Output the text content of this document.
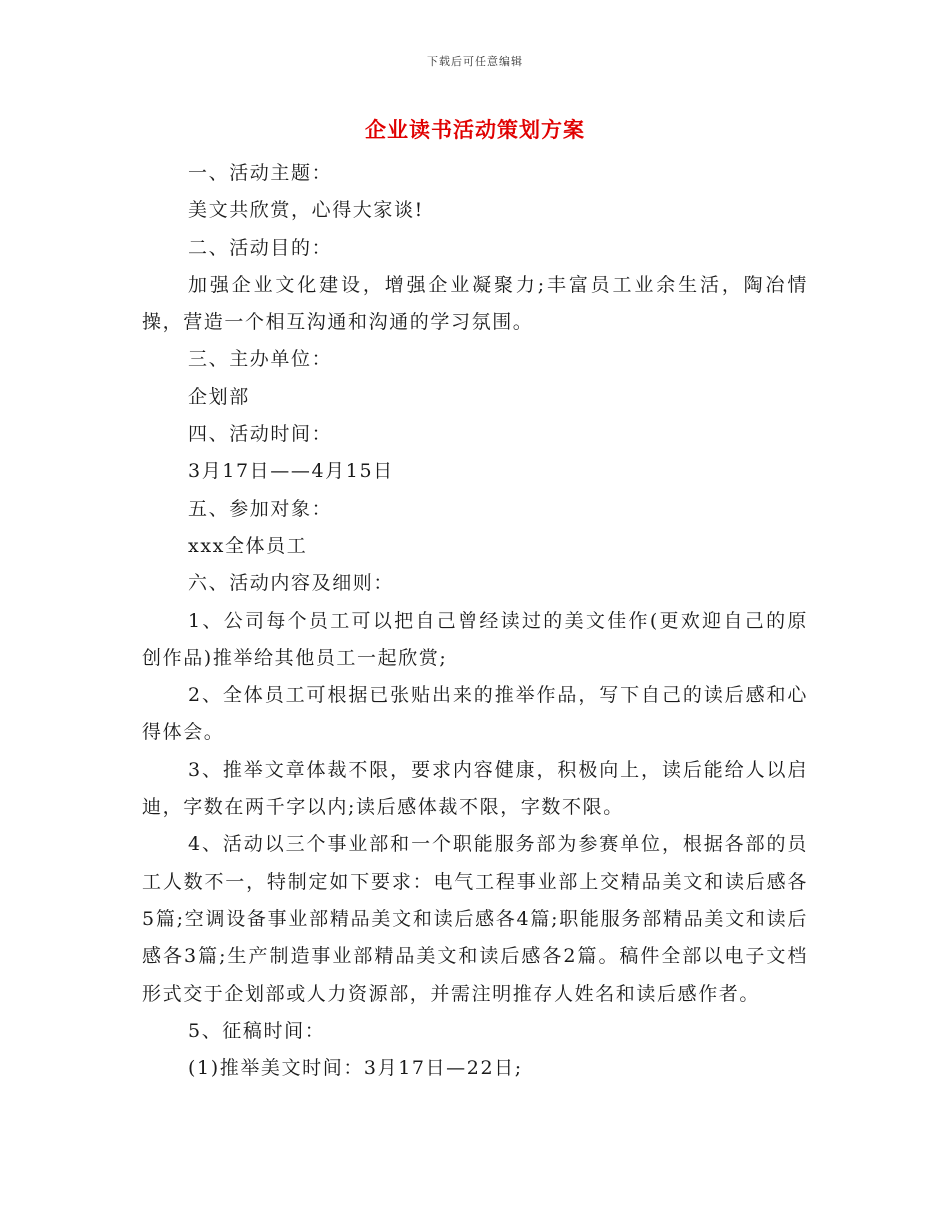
下载后可任意编辑
企业读书活动策划方案

一、活动主题：

美文共欣赏，心得大家谈!

二、活动目的：

加强企业文化建设，增强企业凝聚力;丰富员工业余生活，陶冶情操，营造一个相互沟通和沟通的学习氛围。

三、主办单位：

企划部

四、活动时间：

3月17日——4月15日

五、参加对象：

xxx全体员工

六、活动内容及细则：

1、公司每个员工可以把自己曾经读过的美文佳作(更欢迎自己的原创作品)推举给其他员工一起欣赏;

2、全体员工可根据已张贴出来的推举作品，写下自己的读后感和心得体会。

3、推举文章体裁不限，要求内容健康，积极向上，读后能给人以启迪，字数在两千字以内;读后感体裁不限，字数不限。

4、活动以三个事业部和一个职能服务部为参赛单位，根据各部的员工人数不一，特制定如下要求：电气工程事业部上交精品美文和读后感各5篇;空调设备事业部精品美文和读后感各4篇;职能服务部精品美文和读后感各3篇;生产制造事业部精品美文和读后感各2篇。稿件全部以电子文档形式交于企划部或人力资源部，并需注明推存人姓名和读后感作者。

5、征稿时间：

(1)推举美文时间：3月17日—22日;
